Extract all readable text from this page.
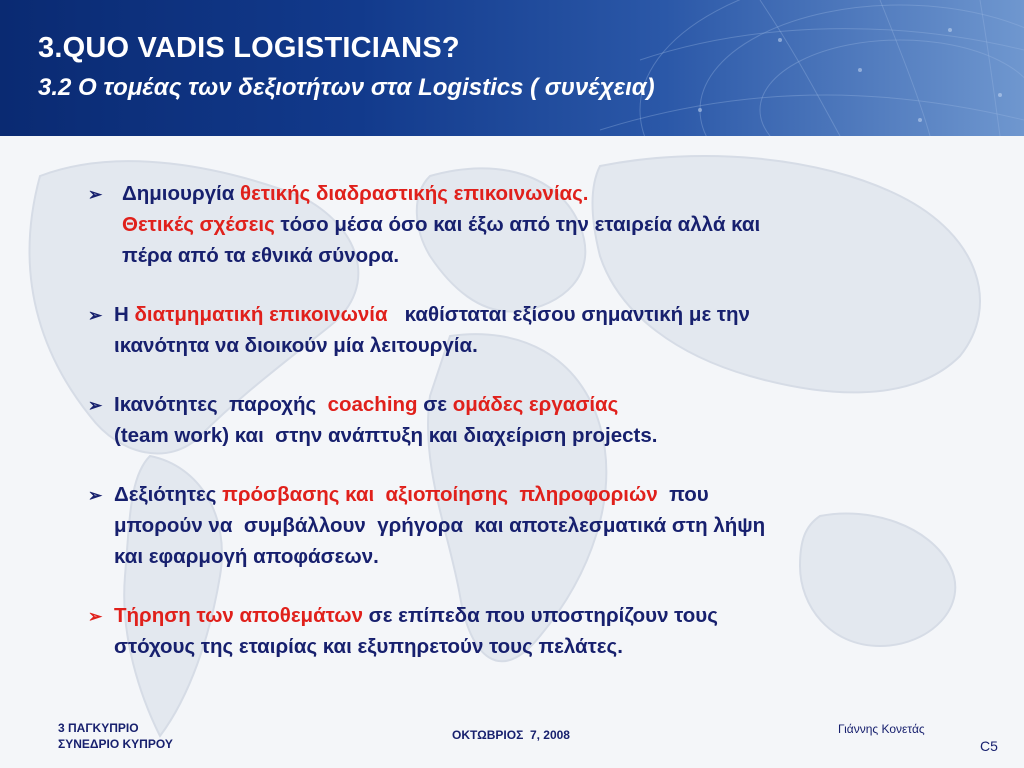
3.QUO VADIS LOGISTICIANS?
3.2 Ο τομέας των δεξιοτήτων στα Logistics ( συνέχεια)
➢ Δημιουργία θετικής διαδραστικής επικοινωνίας.
Θετικές σχέσεις τόσο μέσα όσο και έξω από την εταιρεία αλλά και
πέρα από τα εθνικά σύνορα.
➢ Η διατμηματική επικοινωνία   καθίσταται εξίσου σημαντική με την
ικανότητα να διοικούν μία λειτουργία.
➢ Ικανότητες  παροχής  coaching σε ομάδες εργασίας
(team work) και  στην ανάπτυξη και διαχείριση projects.
➢ Δεξιότητες πρόσβασης και  αξιοποίησης  πληροφοριών  που
μπορούν να  συμβάλλουν  γρήγορα  και αποτελεσματικά στη λήψη
και εφαρμογή αποφάσεων.
➢ Τήρηση των αποθεμάτων σε επίπεδα που υποστηρίζουν τους
στόχους της εταιρίας και εξυπηρετούν τους πελάτες.
3 ΠΑΓΚΥΠΡΙΟ
ΣΥΝΕΔΡΙΟ ΚΥΠΡΟΥ
ΟΚΤΩΒΡΙΟΣ  7, 2008	Γιάννης Κονετάς
C5
